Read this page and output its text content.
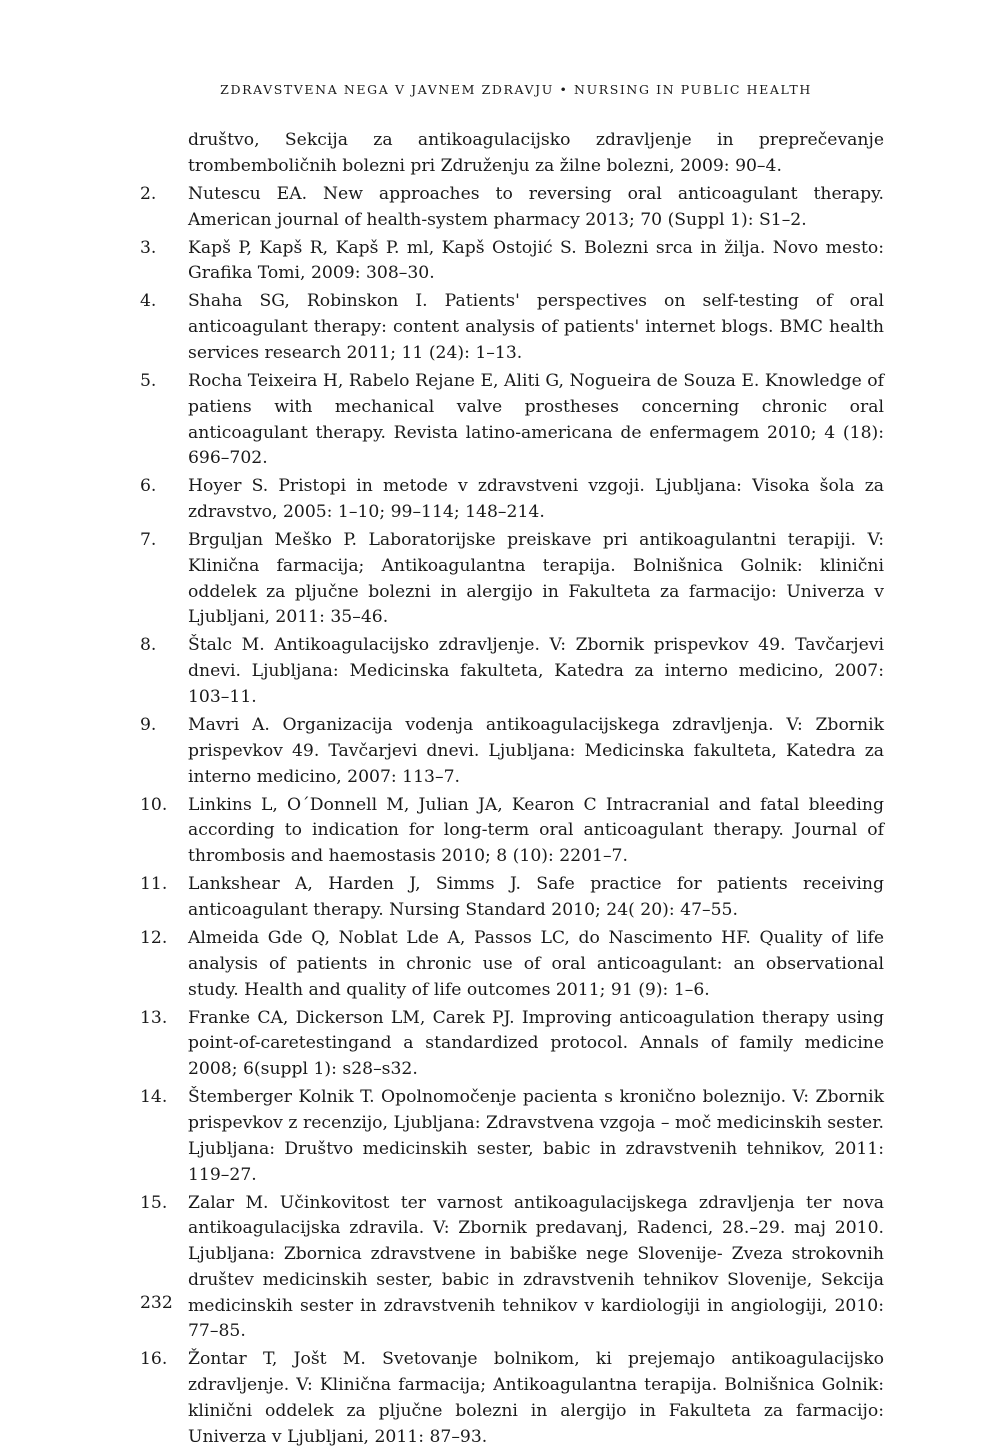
ZDRAVSTVENA NEGA V JAVNEM ZDRAVJU • NURSING IN PUBLIC HEALTH
društvo, Sekcija za antikoagulacijsko zdravljenje in preprečevanje trombemboličnih bolezni pri Združenju za žilne bolezni, 2009: 90–4.
2. Nutescu EA. New approaches to reversing oral anticoagulant therapy. American journal of health-system pharmacy 2013; 70 (Suppl 1): S1–2.
3. Kapš P, Kapš R, Kapš P. ml, Kapš Ostojić S. Bolezni srca in žilja. Novo mesto: Grafika Tomi, 2009: 308–30.
4. Shaha SG, Robinskon I. Patients' perspectives on self-testing of oral anticoagulant therapy: content analysis of patients' internet blogs. BMC health services research 2011; 11 (24): 1–13.
5. Rocha Teixeira H, Rabelo Rejane E, Aliti G, Nogueira de Souza E. Knowledge of patiens with mechanical valve prostheses concerning chronic oral anticoagulant therapy. Revista latino-americana de enfermagem 2010; 4 (18): 696–702.
6. Hoyer S. Pristopi in metode v zdravstveni vzgoji. Ljubljana: Visoka šola za zdravstvo, 2005: 1–10; 99–114; 148–214.
7. Brguljan Meško P. Laboratorijske preiskave pri antikoagulantni terapiji. V: Klinična farmacija; Antikoagulantna terapija. Bolnišnica Golnik: klinični oddelek za pljučne bolezni in alergijo in Fakulteta za farmacijo: Univerza v Ljubljani, 2011: 35–46.
8. Štalc M. Antikoagulacijsko zdravljenje. V: Zbornik prispevkov 49. Tavčarjevi dnevi. Ljubljana: Medicinska fakulteta, Katedra za interno medicino, 2007: 103–11.
9. Mavri A. Organizacija vodenja antikoagulacijskega zdravljenja. V: Zbornik prispevkov 49. Tavčarjevi dnevi. Ljubljana: Medicinska fakulteta, Katedra za interno medicino, 2007: 113–7.
10. Linkins L, O´Donnell M, Julian JA, Kearon C Intracranial and fatal bleeding according to indication for long-term oral anticoagulant therapy. Journal of thrombosis and haemostasis 2010; 8 (10): 2201–7.
11. Lankshear A, Harden J, Simms J. Safe practice for patients receiving anticoagulant therapy. Nursing Standard 2010; 24( 20): 47–55.
12. Almeida Gde Q, Noblat Lde A, Passos LC, do Nascimento HF. Quality of life analysis of patients in chronic use of oral anticoagulant: an observational study. Health and quality of life outcomes 2011; 91 (9): 1–6.
13. Franke CA, Dickerson LM, Carek PJ. Improving anticoagulation therapy using point-of-caretestingand a standardized protocol. Annals of family medicine 2008; 6(suppl 1): s28–s32.
14. Štemberger Kolnik T. Opolnomočenje pacienta s kronično boleznijo. V: Zbornik prispevkov z recenzijo, Ljubljana: Zdravstvena vzgoja – moč medicinskih sester. Ljubljana: Društvo medicinskih sester, babic in zdravstvenih tehnikov, 2011: 119–27.
15. Zalar M. Učinkovitost ter varnost antikoagulacijskega zdravljenja ter nova antikoagulacijska zdravila. V: Zbornik predavanj, Radenci, 28.–29. maj 2010. Ljubljana: Zbornica zdravstvene in babiške nege Slovenije- Zveza strokovnih društev medicinskih sester, babic in zdravstvenih tehnikov Slovenije, Sekcija medicinskih sester in zdravstvenih tehnikov v kardiologiji in angiologiji, 2010: 77–85.
16. Žontar T, Jošt M. Svetovanje bolnikom, ki prejemajo antikoagulacijsko zdravljenje. V: Klinična farmacija; Antikoagulantna terapija. Bolnišnica Golnik: klinični oddelek za pljučne bolezni in alergijo in Fakulteta za farmacijo: Univerza v Ljubljani, 2011: 87–93.
232
